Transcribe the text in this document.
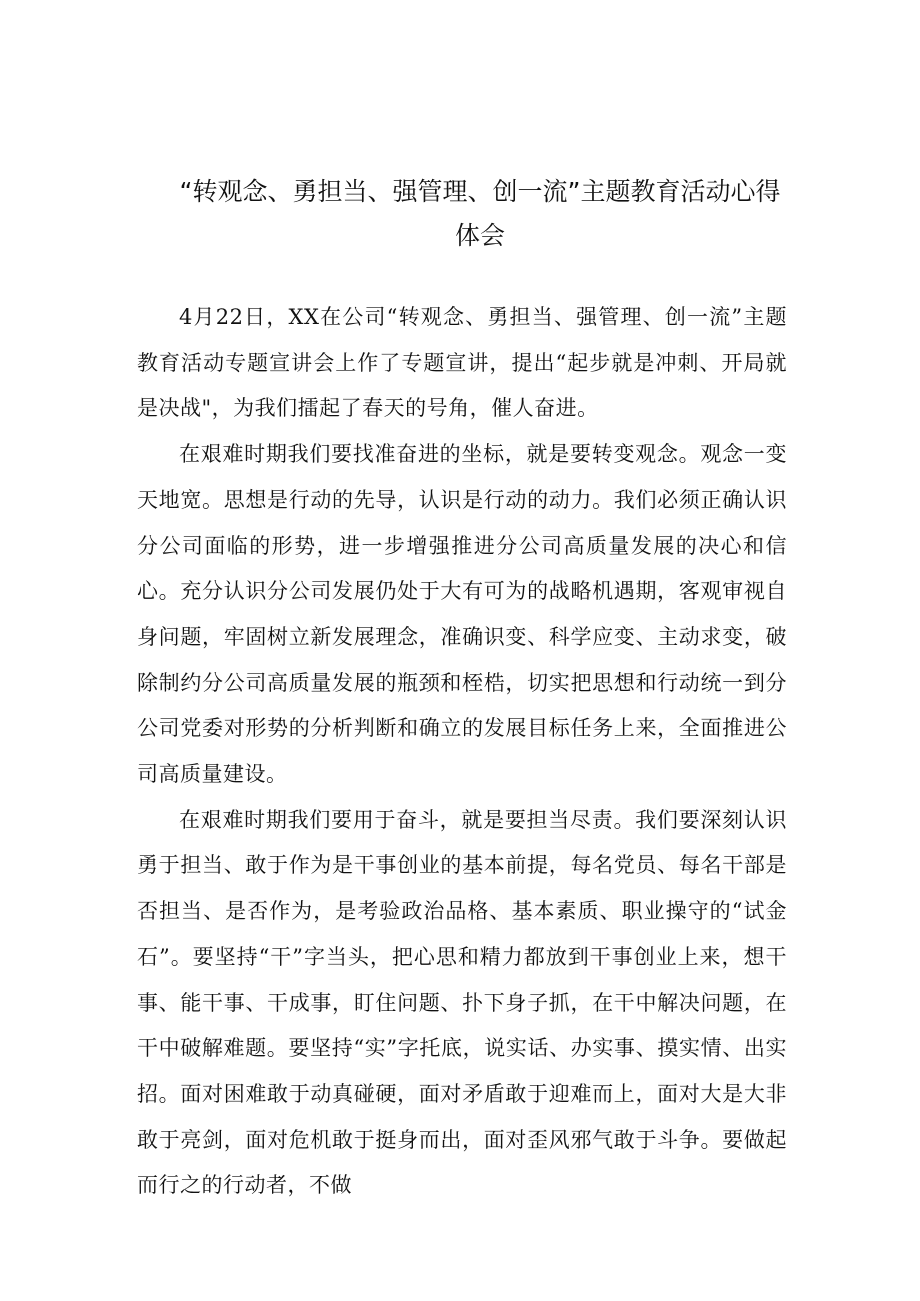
“转观念、勇担当、强管理、创一流”主题教育活动心得体会

4月22日，XX在公司“转观念、勇担当、强管理、创一流”主题教育活动专题宣讲会上作了专题宣讲，提出“起步就是冲刺、开局就是决战"，为我们擂起了春天的号角，催人奋进。

在艰难时期我们要找准奋进的坐标，就是要转变观念。观念一变天地宽。思想是行动的先导，认识是行动的动力。我们必须正确认识分公司面临的形势，进一步增强推进分公司高质量发展的决心和信心。充分认识分公司发展仍处于大有可为的战略机遇期，客观审视自身问题，牢固树立新发展理念，准确识变、科学应变、主动求变，破除制约分公司高质量发展的瓶颈和桎梏，切实把思想和行动统一到分公司党委对形势的分析判断和确立的发展目标任务上来，全面推进公司高质量建设。

在艰难时期我们要用于奋斗，就是要担当尽责。我们要深刻认识勇于担当、敢于作为是干事创业的基本前提，每名党员、每名干部是否担当、是否作为，是考验政治品格、基本素质、职业操守的“试金石”。要坚持“干”字当头，把心思和精力都放到干事创业上来，想干事、能干事、干成事，盯住问题、扑下身子抓，在干中解决问题，在干中破解难题。要坚持“实”字托底，说实话、办实事、摸实情、出实招。面对困难敢于动真碰硬，面对矛盾敢于迎难而上，面对大是大非敢于亮剑，面对危机敢于挺身而出，面对歪风邪气敢于斗争。要做起而行之的行动者，不做
